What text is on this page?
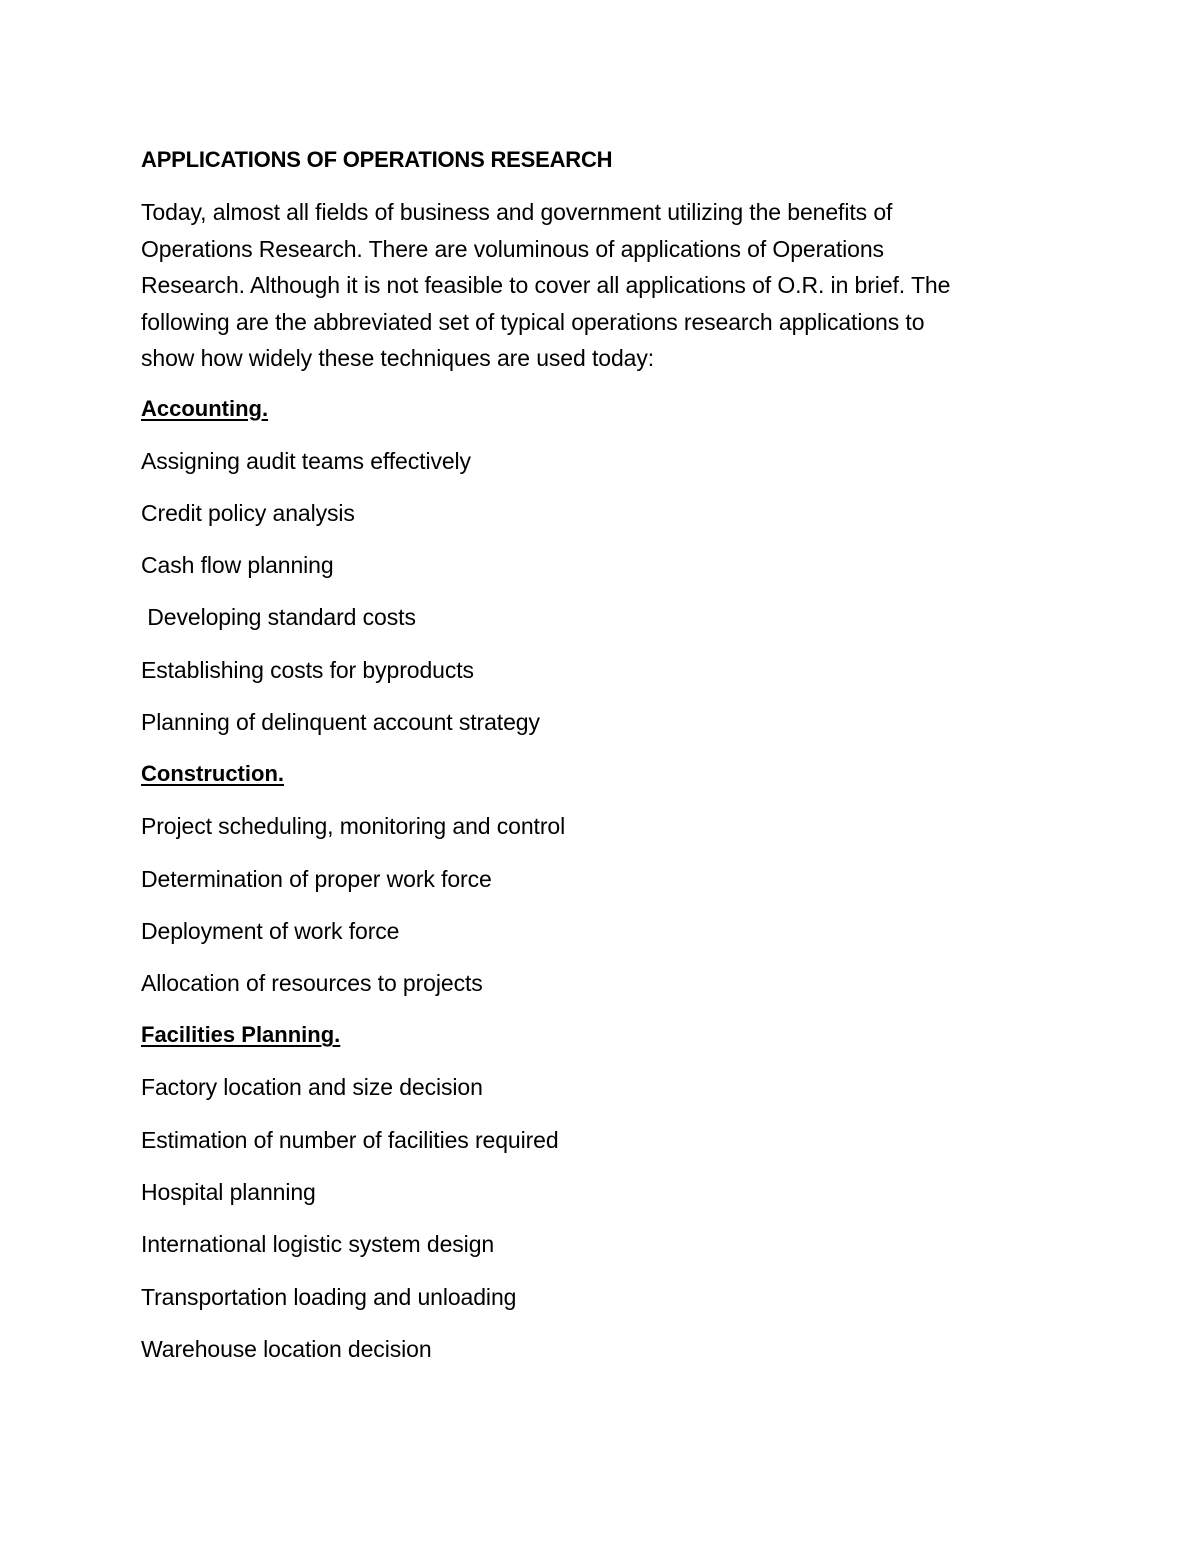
APPLICATIONS OF OPERATIONS RESEARCH
Today, almost all fields of business and government utilizing the benefits of
Operations Research. There are voluminous of applications of Operations
Research. Although it is not feasible to cover all applications of O.R. in brief. The
following are the abbreviated set of typical operations research applications to
show how widely these techniques are used today:
Accounting.
Assigning audit teams effectively
Credit policy analysis
Cash flow planning
Developing standard costs
Establishing costs for byproducts
Planning of delinquent account strategy
Construction.
Project scheduling, monitoring and control
Determination of proper work force
Deployment of work force
Allocation of resources to projects
Facilities Planning.
Factory location and size decision
Estimation of number of facilities required
Hospital planning
International logistic system design
Transportation loading and unloading
Warehouse location decision
